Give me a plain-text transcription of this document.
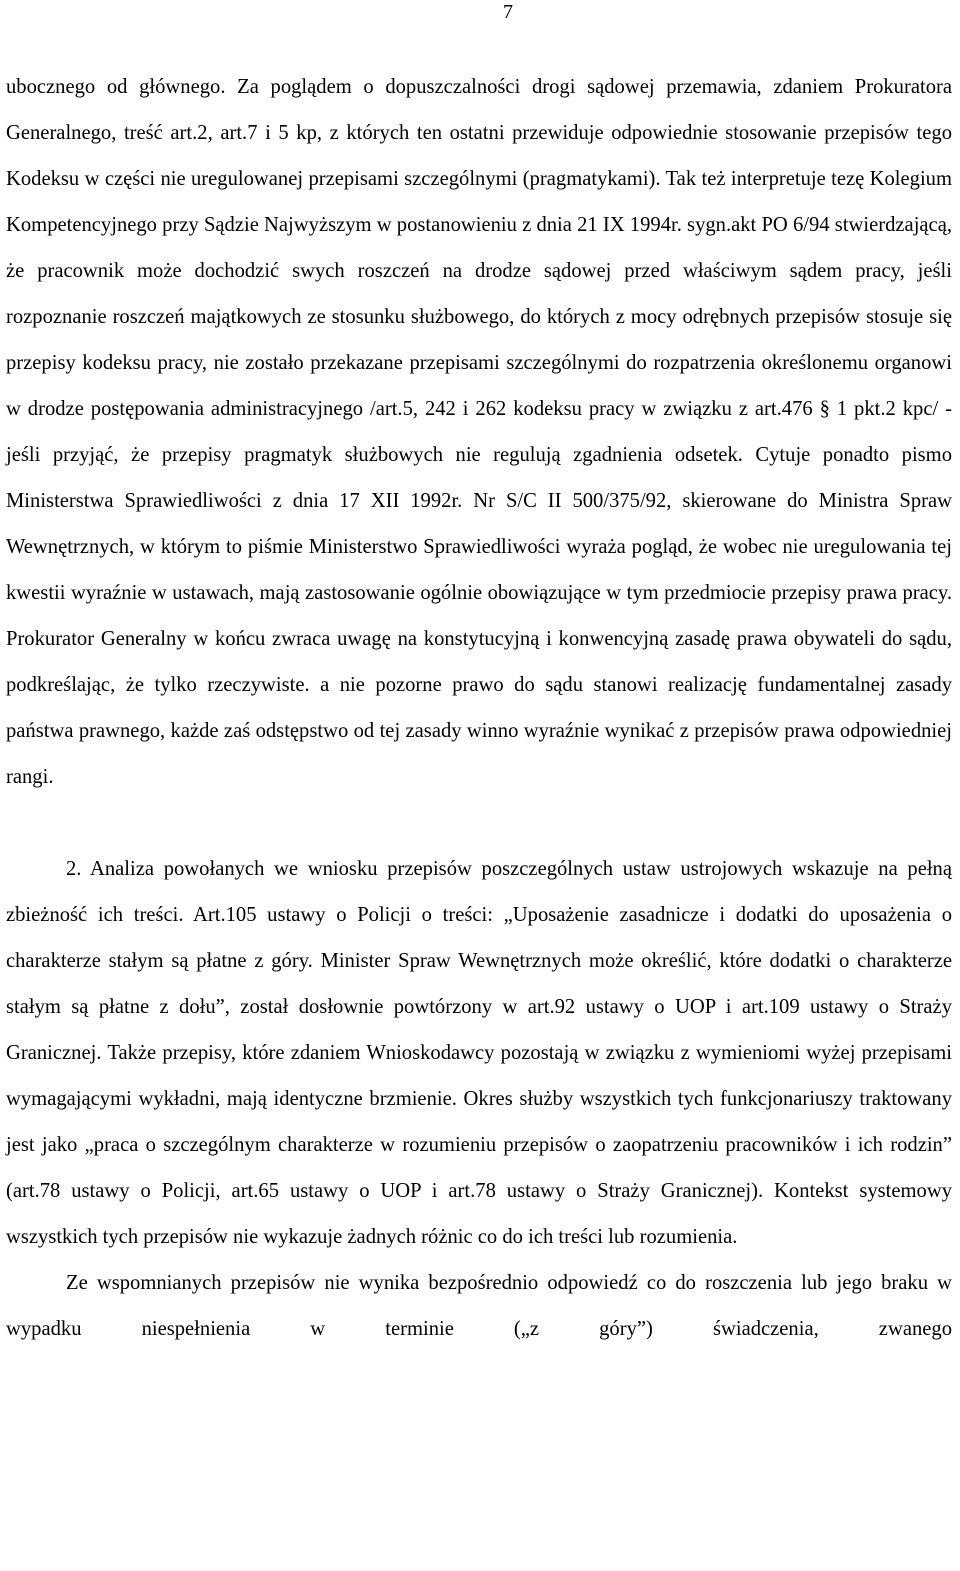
7

ubocznego od głównego. Za poglądem o dopuszczalności drogi sądowej przemawia, zdaniem Prokuratora Generalnego, treść art.2, art.7 i 5 kp, z których ten ostatni przewiduje odpowiednie stosowanie przepisów tego Kodeksu w części nie uregulowanej przepisami szczególnymi (pragmatykami). Tak też interpretuje tezę Kolegium Kompetencyjnego przy Sądzie Najwyższym w postanowieniu z dnia 21 IX 1994r. sygn.akt PO 6/94 stwierdzającą, że pracownik może dochodzić swych roszczeń na drodze sądowej przed właściwym sądem pracy, jeśli rozpoznanie roszczeń majątkowych ze stosunku służbowego, do których z mocy odrębnych przepisów stosuje się przepisy kodeksu pracy, nie zostało przekazane przepisami szczególnymi do rozpatrzenia określonemu organowi w drodze postępowania administracyjnego /art.5, 242 i 262 kodeksu pracy w związku z art.476 § 1 pkt.2 kpc/ - jeśli przyjąć, że przepisy pragmatyk służbowych nie regulują zgadnienia odsetek. Cytuje ponadto pismo Ministerstwa Sprawiedliwości z dnia 17 XII 1992r. Nr S/C II 500/375/92, skierowane do Ministra Spraw Wewnętrznych, w którym to piśmie Ministerstwo Sprawiedliwości wyraża pogląd, że wobec nie uregulowania tej kwestii wyraźnie w ustawach, mają zastosowanie ogólnie obowiązujące w tym przedmiocie przepisy prawa pracy. Prokurator Generalny w końcu zwraca uwagę na konstytucyjną i konwencyjną zasadę prawa obywateli do sądu, podkreślając, że tylko rzeczywiste. a nie pozorne prawo do sądu stanowi realizację fundamentalnej zasady państwa prawnego, każde zaś odstępstwo od tej zasady winno wyraźnie wynikać z przepisów prawa odpowiedniej rangi.

2. Analiza powołanych we wniosku przepisów poszczególnych ustaw ustrojowych wskazuje na pełną zbieżność ich treści. Art.105 ustawy o Policji o treści: „Uposażenie zasadnicze i dodatki do uposażenia o charakterze stałym są płatne z góry. Minister Spraw Wewnętrznych może określić, które dodatki o charakterze stałym są płatne z dołu”, został dosłownie powtórzony w art.92 ustawy o UOP i art.109 ustawy o Straży Granicznej. Także przepisy, które zdaniem Wnioskodawcy pozostają w związku z wymieniomi wyżej przepisami wymagającymi wykładni, mają identyczne brzmienie. Okres służby wszystkich tych funkcjonariuszy traktowany jest jako „praca o szczególnym charakterze w rozumieniu przepisów o zaopatrzeniu pracowników i ich rodzin” (art.78 ustawy o Policji, art.65 ustawy o UOP i art.78 ustawy o Straży Granicznej). Kontekst systemowy wszystkich tych przepisów nie wykazuje żadnych różnic co do ich treści lub rozumienia.

Ze wspomnianych przepisów nie wynika bezpośrednio odpowiedź co do roszczenia lub jego braku w wypadku niespełnienia w terminie („z góry”) świadczenia, zwanego
